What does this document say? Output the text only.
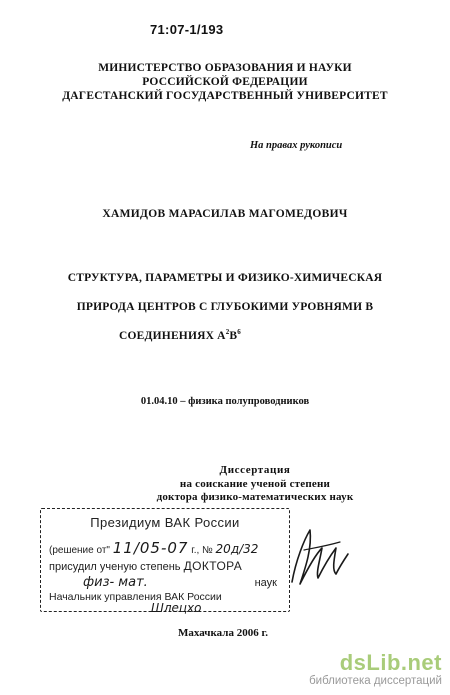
71:07-1/193
МИНИСТЕРСТВО ОБРАЗОВАНИЯ И НАУКИ
РОССИЙСКОЙ ФЕДЕРАЦИИ
ДАГЕСТАНСКИЙ ГОСУДАРСТВЕННЫЙ УНИВЕРСИТЕТ
На правах рукописи
ХАМИДОВ МАРАСИЛАВ МАГОМЕДОВИЧ
СТРУКТУРА, ПАРАМЕТРЫ И ФИЗИКО-ХИМИЧЕСКАЯ
ПРИРОДА ЦЕНТРОВ С ГЛУБОКИМИ УРОВНЯМИ В
СОЕДИНЕНИЯХ $А^2В^6$
01.04.10 – физика полупроводников
Диссертация
на соискание ученой степени
доктора физико-математических наук
Президиум ВАК России
(решение от" 11/05-07 г., № 20д/32
присудил ученую степень ДОКТОРА
физ- мат.	наук
Начальник управления ВАК России
Шлецхо
Махачкала 2006 г.
dsLib.net
библиотека диссертаций
